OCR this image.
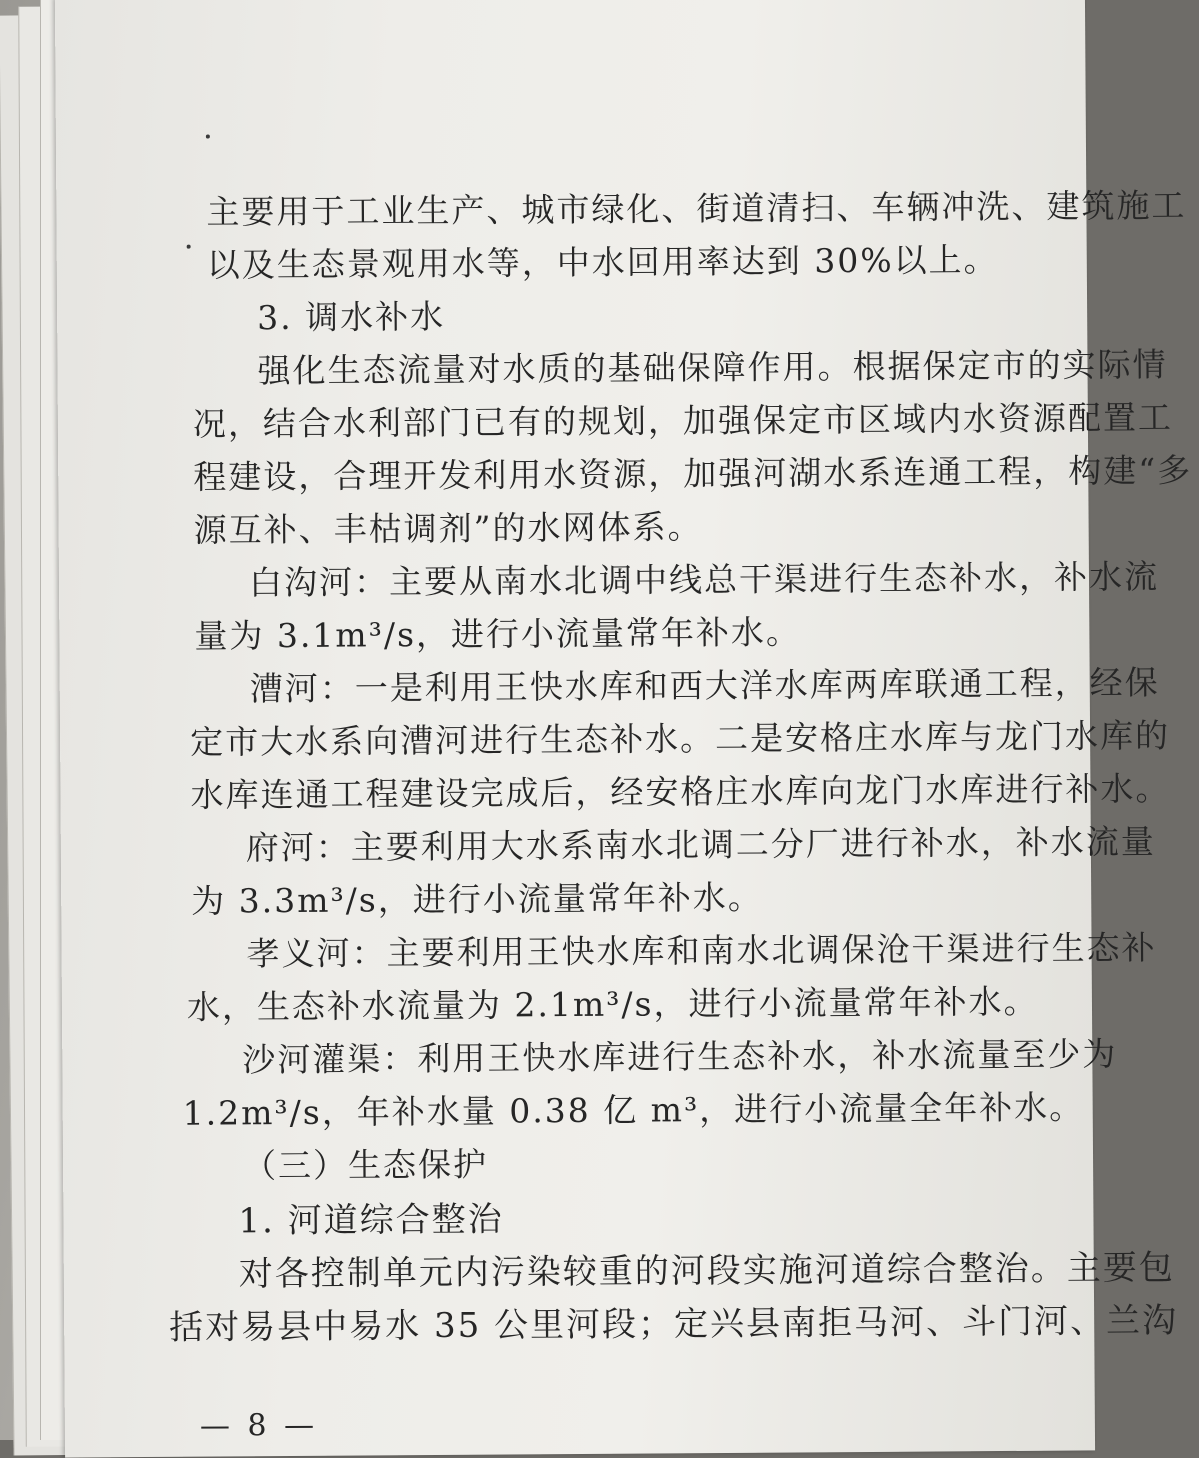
主要用于工业生产、城市绿化、街道清扫、车辆冲洗、建筑施工

以及生态景观用水等，中水回用率达到 30%以上。

3. 调水补水

强化生态流量对水质的基础保障作用。根据保定市的实际情

况，结合水利部门已有的规划，加强保定市区域内水资源配置工

程建设，合理开发利用水资源，加强河湖水系连通工程，构建“多

源互补、丰枯调剂”的水网体系。

白沟河：主要从南水北调中线总干渠进行生态补水，补水流

量为 3.1m³/s，进行小流量常年补水。

漕河：一是利用王快水库和西大洋水库两库联通工程，经保

定市大水系向漕河进行生态补水。二是安格庄水库与龙门水库的

水库连通工程建设完成后，经安格庄水库向龙门水库进行补水。

府河：主要利用大水系南水北调二分厂进行补水，补水流量

为 3.3m³/s，进行小流量常年补水。

孝义河：主要利用王快水库和南水北调保沧干渠进行生态补

水，生态补水流量为 2.1m³/s，进行小流量常年补水。

沙河灌渠：利用王快水库进行生态补水，补水流量至少为

1.2m³/s，年补水量 0.38 亿 m³，进行小流量全年补水。

（三）生态保护

1. 河道综合整治

对各控制单元内污染较重的河段实施河道综合整治。主要包

括对易县中易水 35 公里河段；定兴县南拒马河、斗门河、兰沟

— 8 —
